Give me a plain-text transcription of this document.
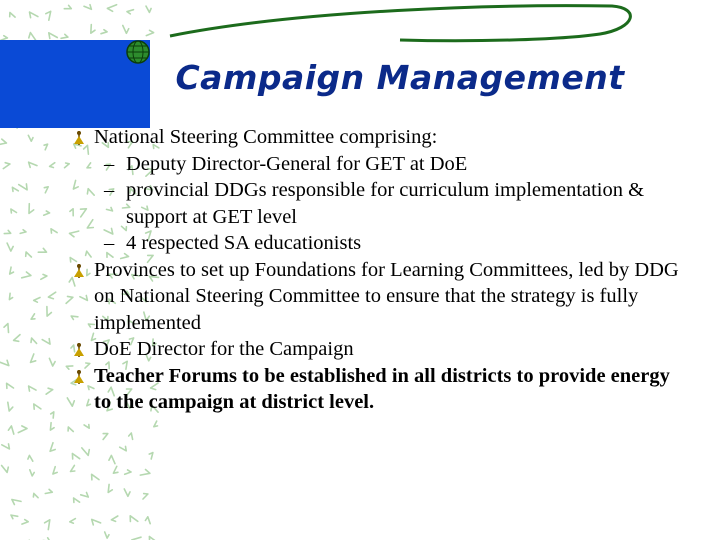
Campaign Management
National Steering Committee comprising:
– Deputy Director-General for GET at DoE
– provincial DDGs responsible for curriculum implementation & support at GET level
– 4 respected SA educationists
Provinces to set up Foundations for Learning Committees, led by DDG on National Steering Committee to ensure that the strategy is fully implemented
DoE Director for the Campaign
Teacher Forums to be established in all districts to provide energy to the campaign at district level.
